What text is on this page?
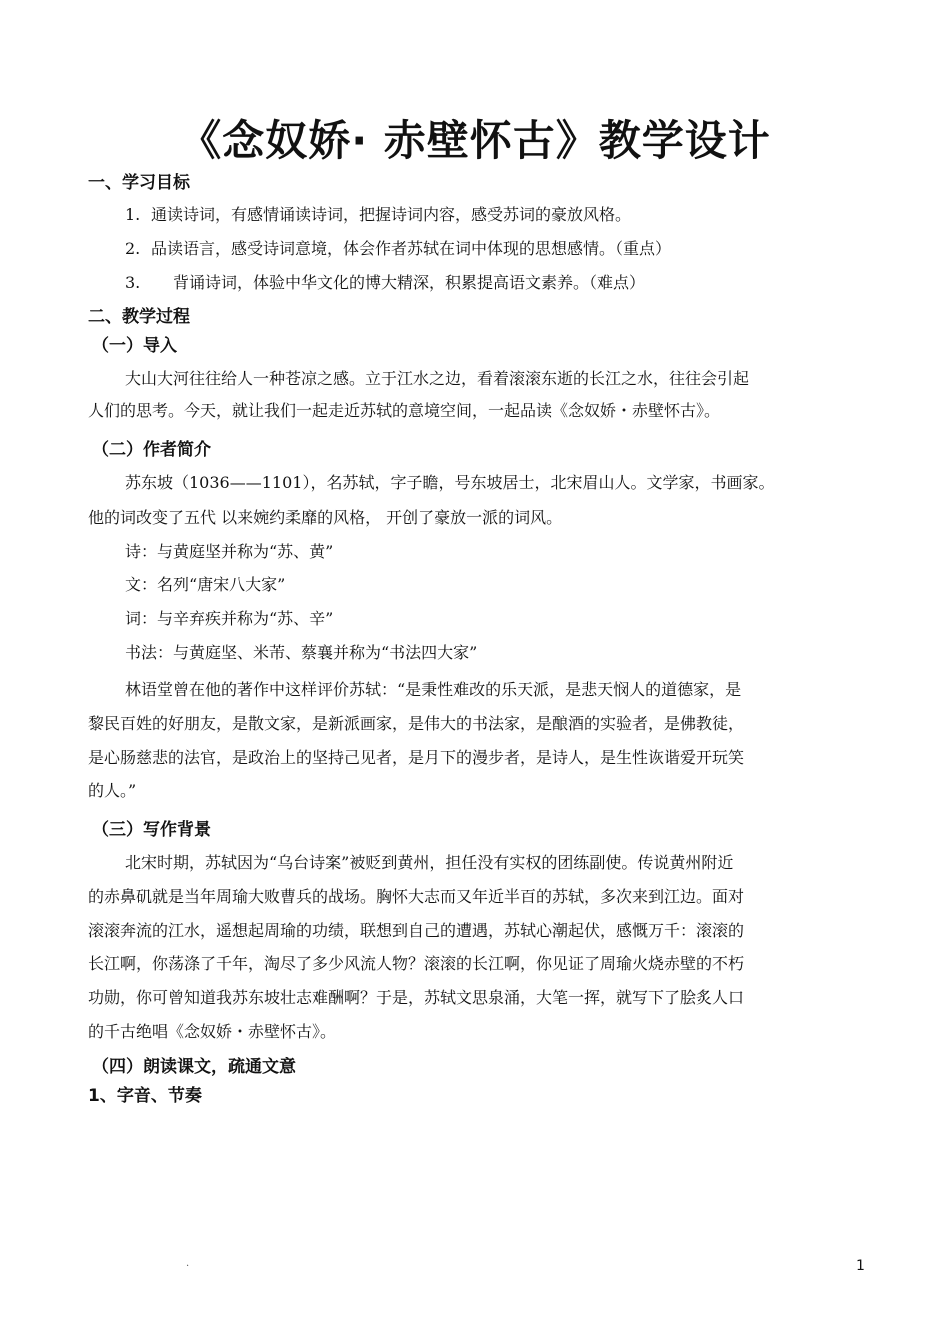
《念奴娇· 赤壁怀古》教学设计
一、学习目标
1. 通读诗词，有感情诵读诗词，把握诗词内容，感受苏词的豪放风格。
2. 品读语言，感受诗词意境，体会作者苏轼在词中体现的思想感情。（重点）
3. 背诵诗词，体验中华文化的博大精深，积累提高语文素养。（难点）
二、教学过程
（一）导入
大山大河往往给人一种苍凉之感。立于江水之边，看着滚滚东逝的长江之水，往往会引起
人们的思考。今天，就让我们一起走近苏轼的意境空间，一起品读《念奴娇・赤壁怀古》。
（二）作者简介
苏东坡（1036——1101），名苏轼，字子瞻，号东坡居士，北宋眉山人。文学家，书画家。
他的词改变了五代 以来婉约柔靡的风格， 开创了豪放一派的词风。
诗：与黄庭坚并称为“苏、黄”
文：名列“唐宋八大家”
词：与辛弃疾并称为“苏、辛”
书法：与黄庭坚、米芾、蔡襄并称为“书法四大家”
林语堂曾在他的著作中这样评价苏轼：“是秉性难改的乐天派，是悲天悯人的道德家，是
黎民百姓的好朋友，是散文家，是新派画家，是伟大的书法家，是酿酒的实验者，是佛教徒，
是心肠慈悲的法官，是政治上的坚持己见者，是月下的漫步者，是诗人，是生性诙谐爱开玩笑
的人。”
（三）写作背景
北宋时期，苏轼因为“乌台诗案”被贬到黄州，担任没有实权的团练副使。传说黄州附近
的赤鼻矶就是当年周瑜大败曹兵的战场。胸怀大志而又年近半百的苏轼，多次来到江边。面对
滚滚奔流的江水，遥想起周瑜的功绩，联想到自己的遭遇，苏轼心潮起伏，感慨万千：滚滚的
长江啊，你荡涤了千年，淘尽了多少风流人物？滚滚的长江啊，你见证了周瑜火烧赤壁的不朽
功勋，你可曾知道我苏东坡壮志难酬啊？于是，苏轼文思泉涌，大笔一挥，就写下了脍炙人口
的千古绝唱《念奴娇・赤壁怀古》。
（四）朗读课文，疏通文意
1、字音、节奏
.	1
